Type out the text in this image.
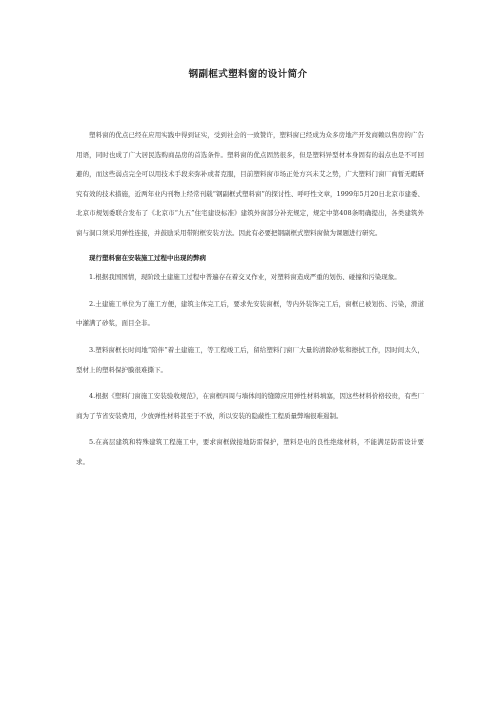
钢副框式塑料窗的设计简介

塑料窗的优点已经在应用实践中得到证实，受到社会的一致赞许，塑料窗已经成为众多房地产开发商赖以售房的广告用语，同时也成了广大居民选购商品房的首选条件。塑料窗的优点固然很多，但是塑料异型材本身固有的弱点也是不可回避的，而这些弱点完全可以用技术手段来弥补或者克服，目前塑料窗市场正处方兴未艾之势，广大塑料门窗厂商暂无暇研究有效的技术措施，近两年业内刊物上经常刊载“钢副框式塑料窗”的探讨性、呼吁性文章，1999年5月20日北京市建委、北京市规划委联合发布了《北京市“九五”住宅建设标准》建筑外窗部分补充规定，规定中第408条明确提出，各类建筑外窗与洞口须采用弹性连接，并鼓励采用带附框安装方法。因此有必要把钢副框式塑料窗做为课题进行研究。

现行塑料窗在安装施工过程中出现的弊病

1.根据我国国情，现阶段土建施工过程中普遍存在着交叉作业，对塑料窗造成严重的划伤、碰撞和污染现象。

2.土建施工单位为了施工方便，建筑主体完工后，要求先安装窗框，等内外装饰完工后，窗框已被划伤、污染，滑道中灌满了砂浆，面目全非。

3.塑料窗框长时间地“陪伴”着土建施工，等工程竣工后，留给塑料门窗厂大量的清除砂浆和擦拭工作，因时间太久，型材上的塑料保护膜很难撕下。

4.根据《塑料门窗施工安装验收规范》，在窗框四周与墙体间的缝隙应用弹性材料填塞，因这些材料价格较贵，有些厂商为了节省安装费用，少放弹性材料甚至于不放，所以安装的隐蔽性工程质量弊端很难遏制。

5.在高层建筑和特殊建筑工程施工中，要求窗框做接地防雷保护，塑料是电的良性绝缘材料，不能满足防雷设计要求。
